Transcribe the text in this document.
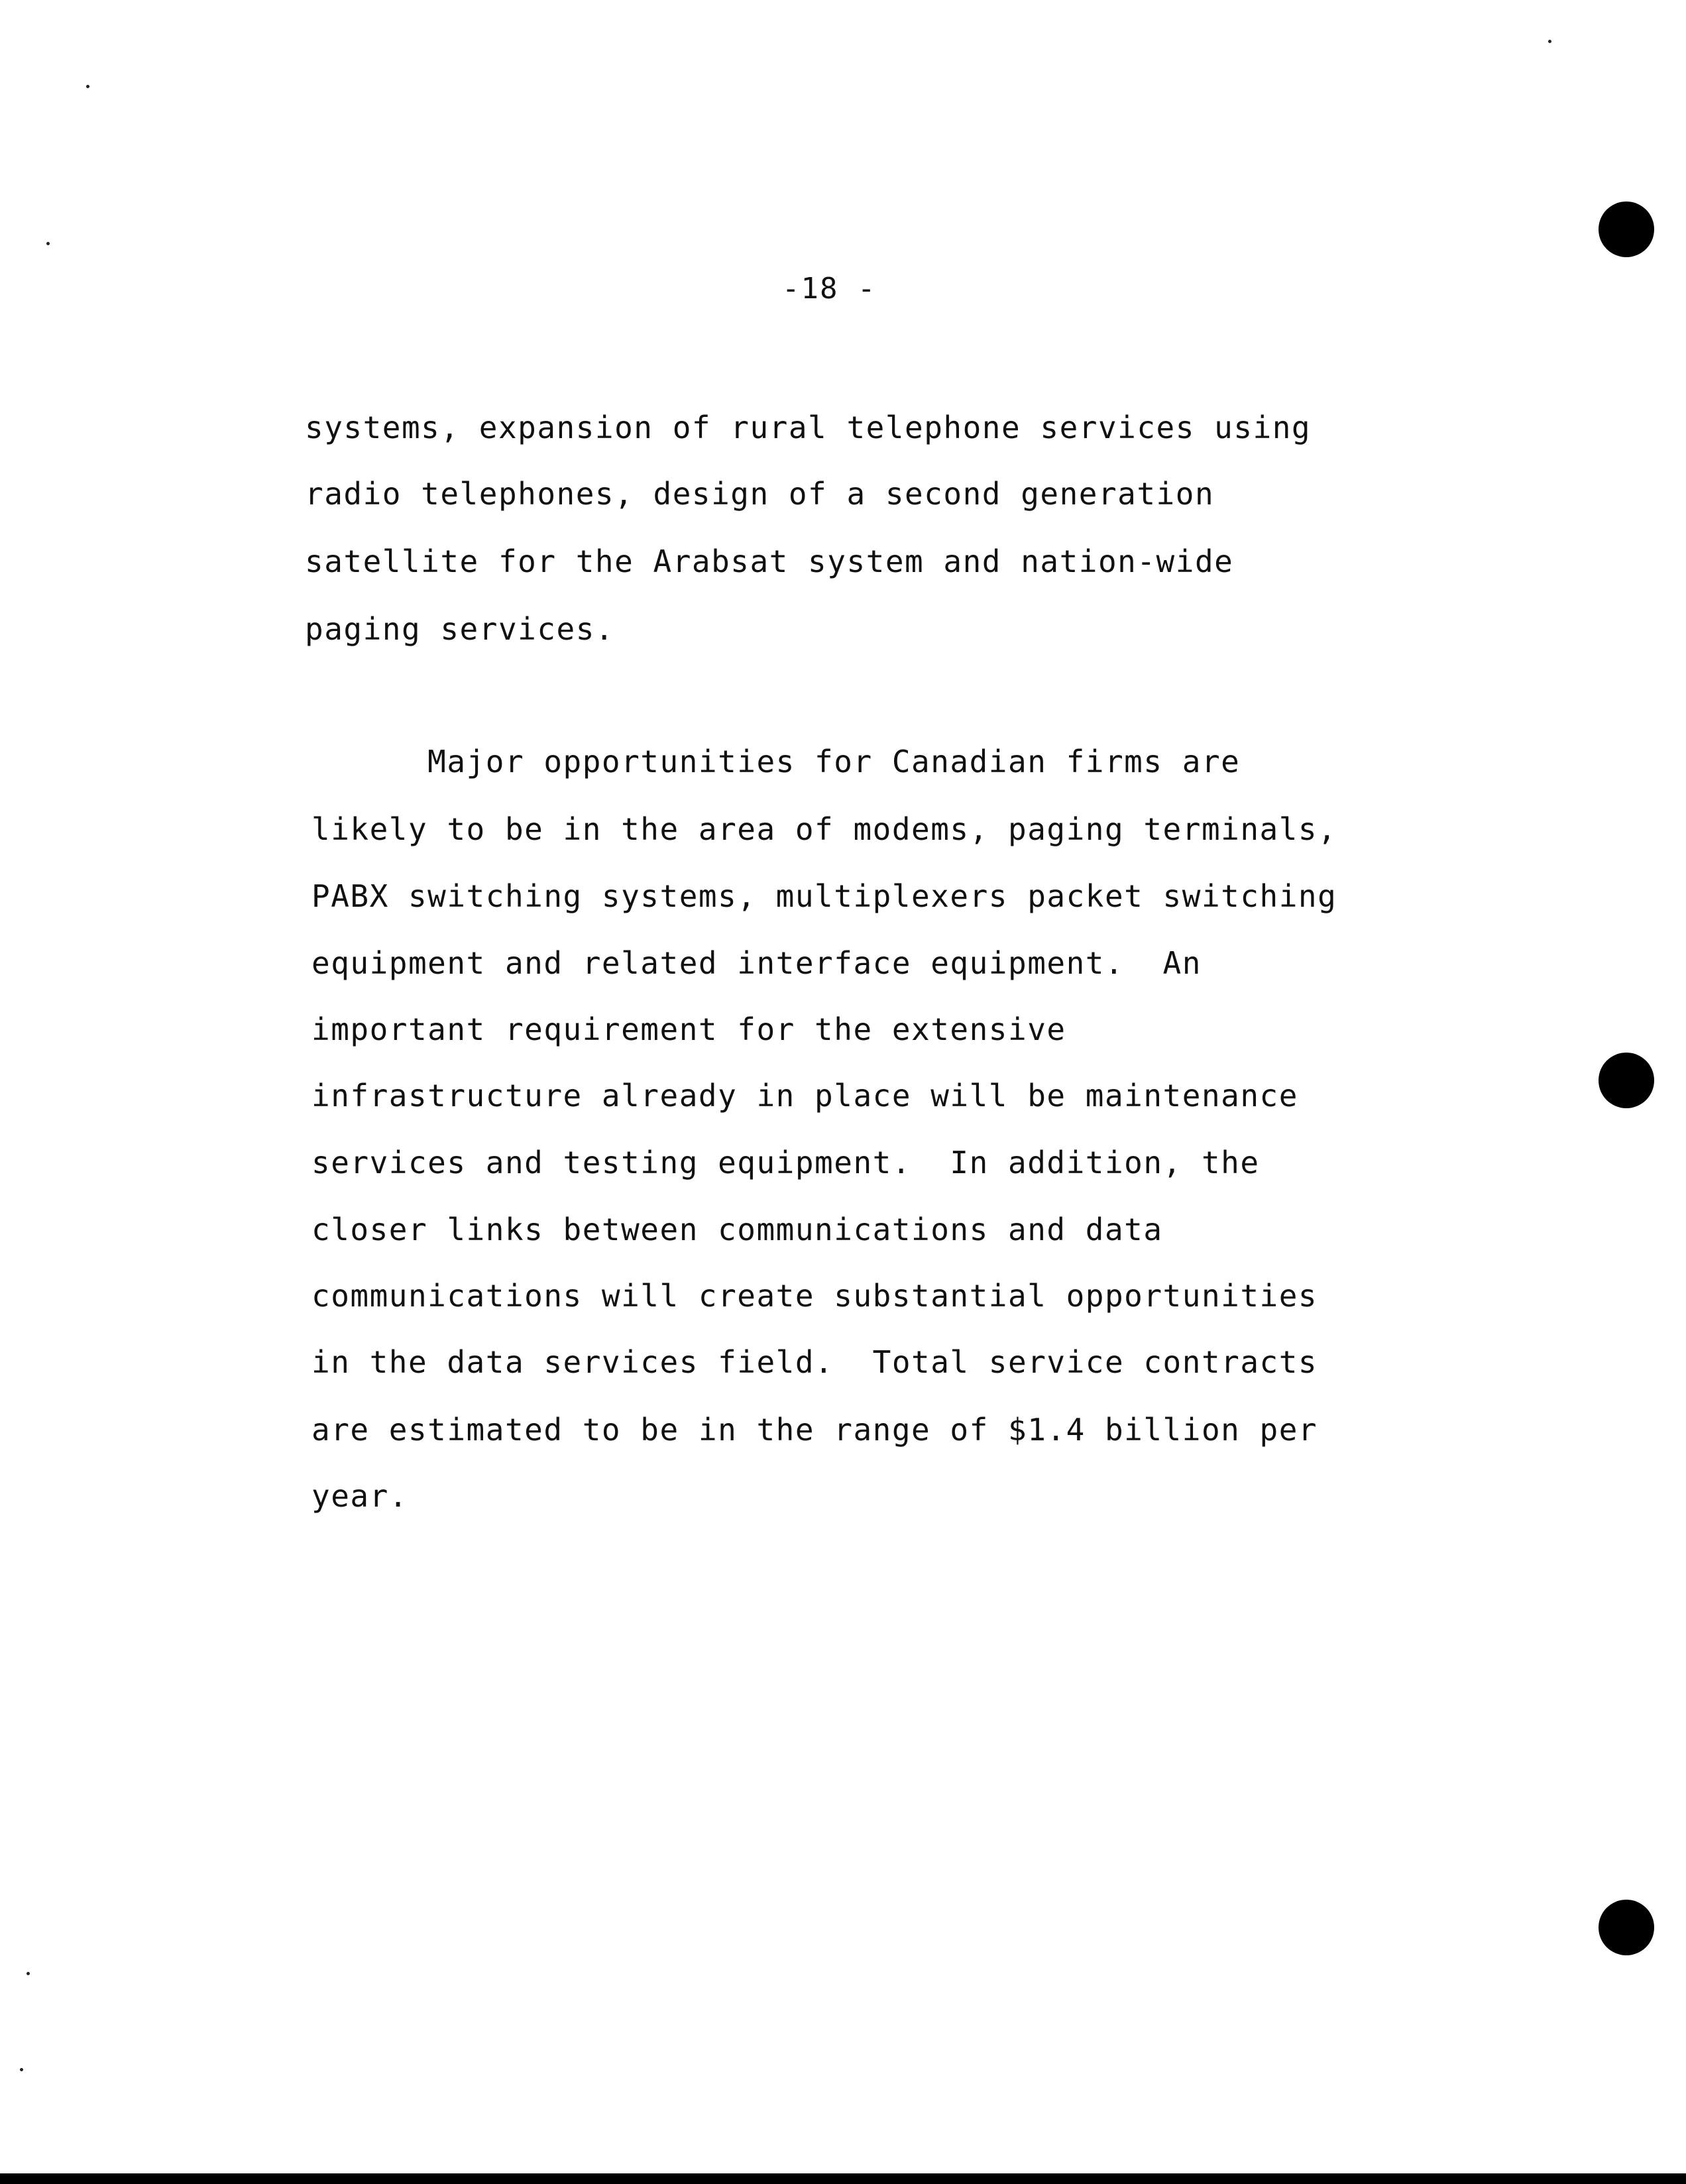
-18 -
systems, expansion of rural telephone services using
radio telephones, design of a second generation
satellite for the Arabsat system and nation-wide
paging services.
Major opportunities for Canadian firms are
likely to be in the area of modems, paging terminals,
PABX switching systems, multiplexers packet switching
equipment and related interface equipment.  An
important requirement for the extensive
infrastructure already in place will be maintenance
services and testing equipment.  In addition, the
closer links between communications and data
communications will create substantial opportunities
in the data services field.  Total service contracts
are estimated to be in the range of $1.4 billion per
year.
